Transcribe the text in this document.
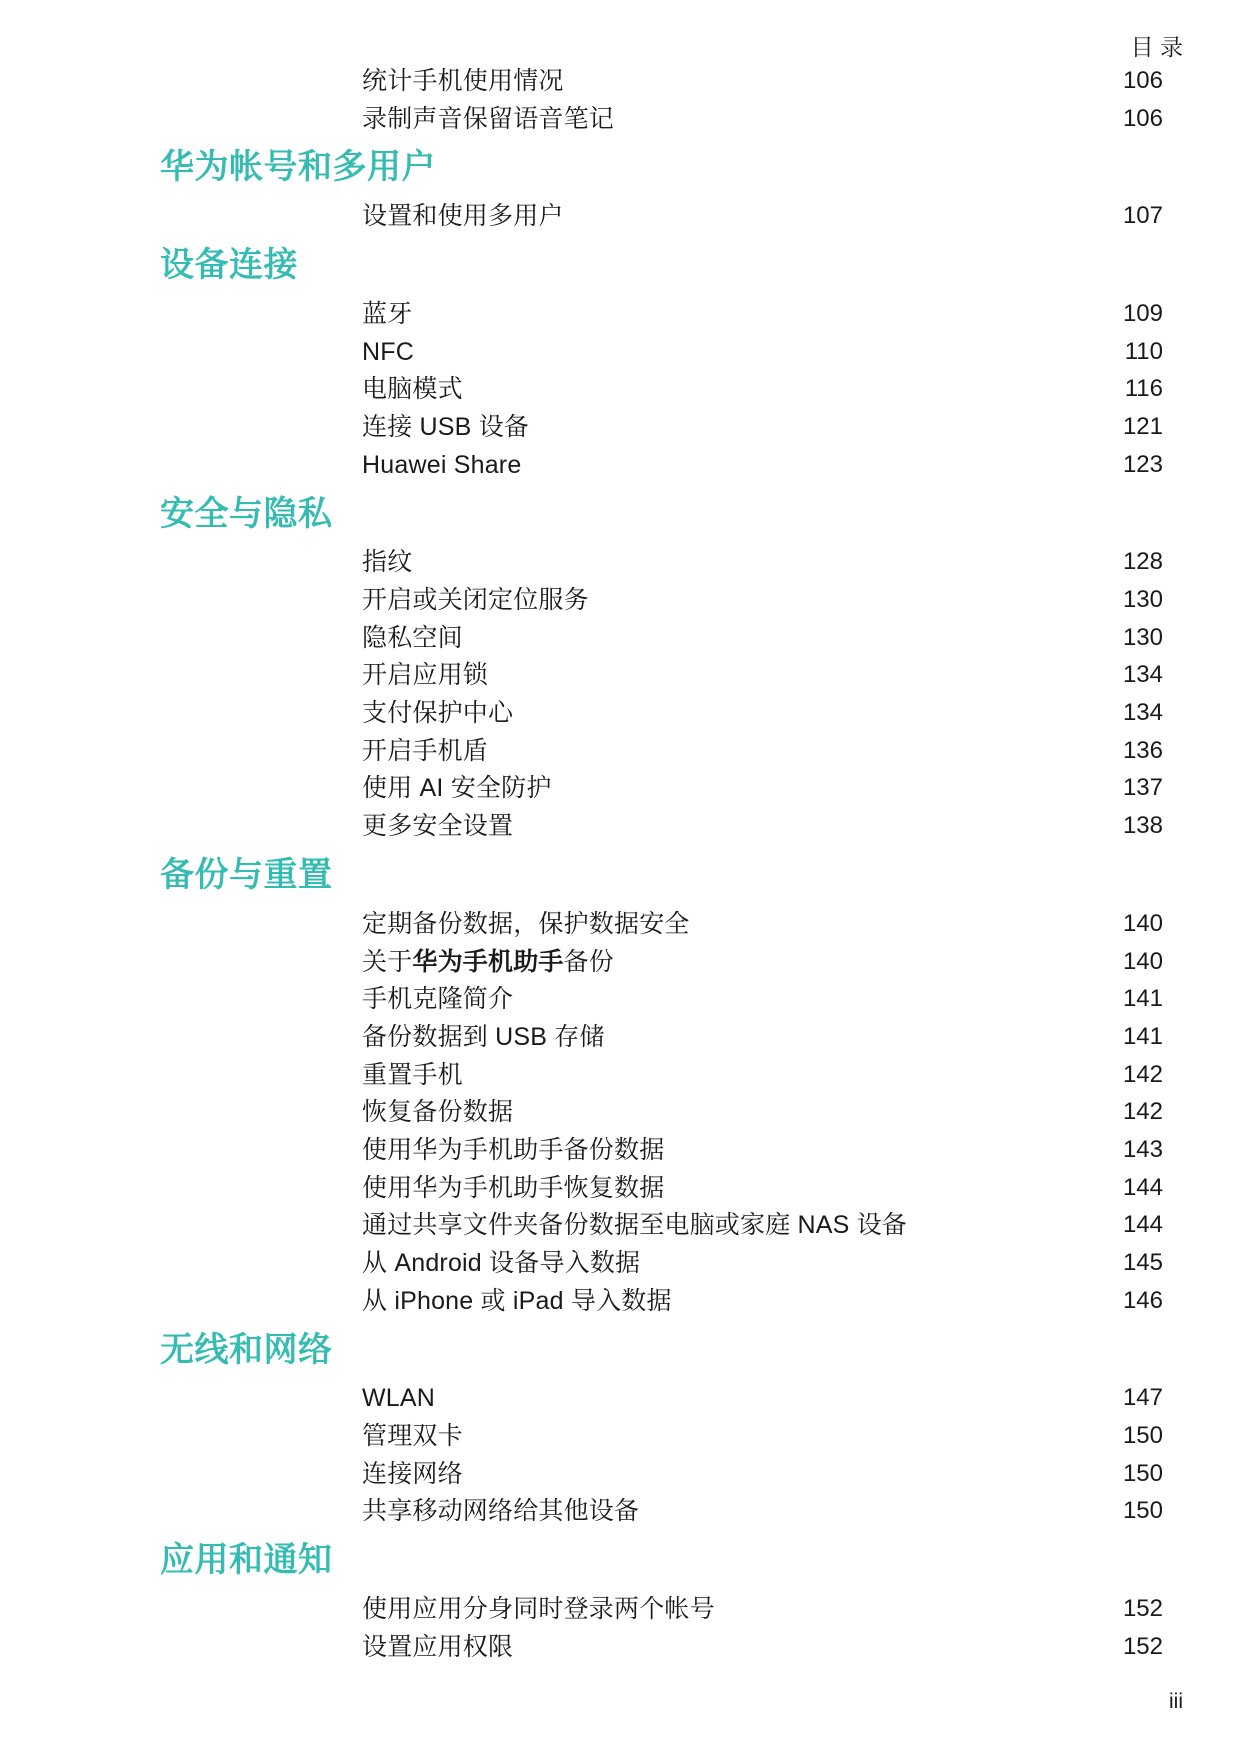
目 录
统计手机使用情况	106
录制声音保留语音笔记	106
华为帐号和多用户
设置和使用多用户	107
设备连接
蓝牙	109
NFC	110
电脑模式	116
连接 USB 设备	121
Huawei Share	123
安全与隐私
指纹	128
开启或关闭定位服务	130
隐私空间	130
开启应用锁	134
支付保护中心	134
开启手机盾	136
使用 AI 安全防护	137
更多安全设置	138
备份与重置
定期备份数据，保护数据安全	140
关于华为手机助手备份	140
手机克隆简介	141
备份数据到 USB 存储	141
重置手机	142
恢复备份数据	142
使用华为手机助手备份数据	143
使用华为手机助手恢复数据	144
通过共享文件夹备份数据至电脑或家庭 NAS 设备	144
从 Android 设备导入数据	145
从 iPhone 或 iPad 导入数据	146
无线和网络
WLAN	147
管理双卡	150
连接网络	150
共享移动网络给其他设备	150
应用和通知
使用应用分身同时登录两个帐号	152
设置应用权限	152
iii
